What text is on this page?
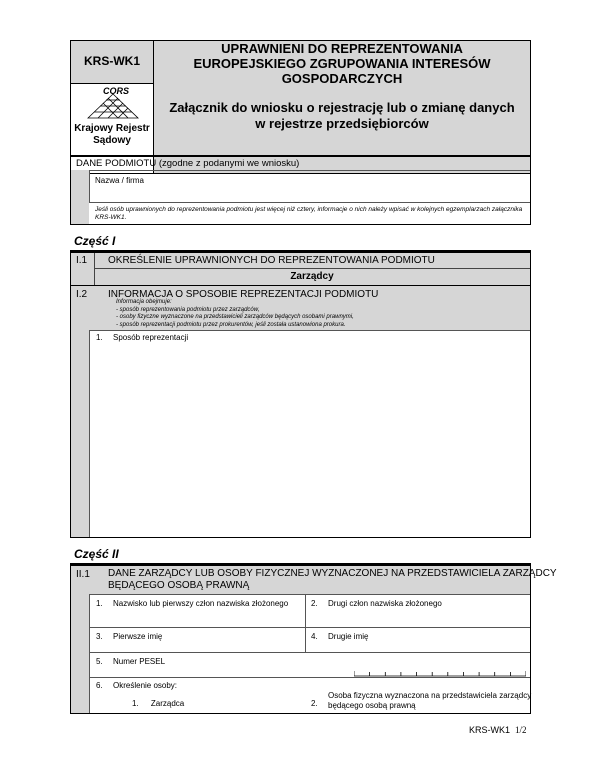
KRS-WK1
UPRAWNIENI DO REPREZENTOWANIA
EUROPEJSKIEGO ZGRUPOWANIA INTERESÓW
GOSPODARCZYCH
Załącznik do wniosku o rejestrację lub o zmianę danych
w rejestrze przedsiębiorców
CORS
Krajowy Rejestr Sądowy
DANE PODMIOTU (zgodne z podanymi we wniosku)
Nazwa / firma
Jeśli osób uprawnionych do reprezentowania podmiotu jest więcej niż cztery, informacje o nich należy wpisać w kolejnych egzemplarzach załącznika KRS-WK1.
Część I
I.1 OKREŚLENIE UPRAWNIONYCH DO REPREZENTOWANIA PODMIOTU
Zarządcy
I.2 INFORMACJA O SPOSOBIE REPREZENTACJI PODMIOTU
Informacja obejmuje:
- sposób reprezentowania podmiotu przez zarządców,
- osoby fizyczne wyznaczone na przedstawicieli zarządców będących osobami prawnymi,
- sposób reprezentacji podmiotu przez prokurentów, jeśli została ustanowiona prokura.
1. Sposób reprezentacji
Część II
II.1 DANE ZARZĄDCY LUB OSOBY FIZYCZNEJ WYZNACZONEJ NA PRZEDSTAWICIELA ZARZĄDCY
BĘDĄCEGO OSOBĄ PRAWNĄ
1. Nazwisko lub pierwszy człon nazwiska złożonego	2. Drugi człon nazwiska złożonego
3. Pierwsze imię	4. Drugie imię
5. Numer PESEL
6. Określenie osoby:
1. Zarządca	2.
Osoba fizyczna wyznaczona na przedstawiciela zarządcy
będącego osobą prawną
KRS-WK1 1/2
